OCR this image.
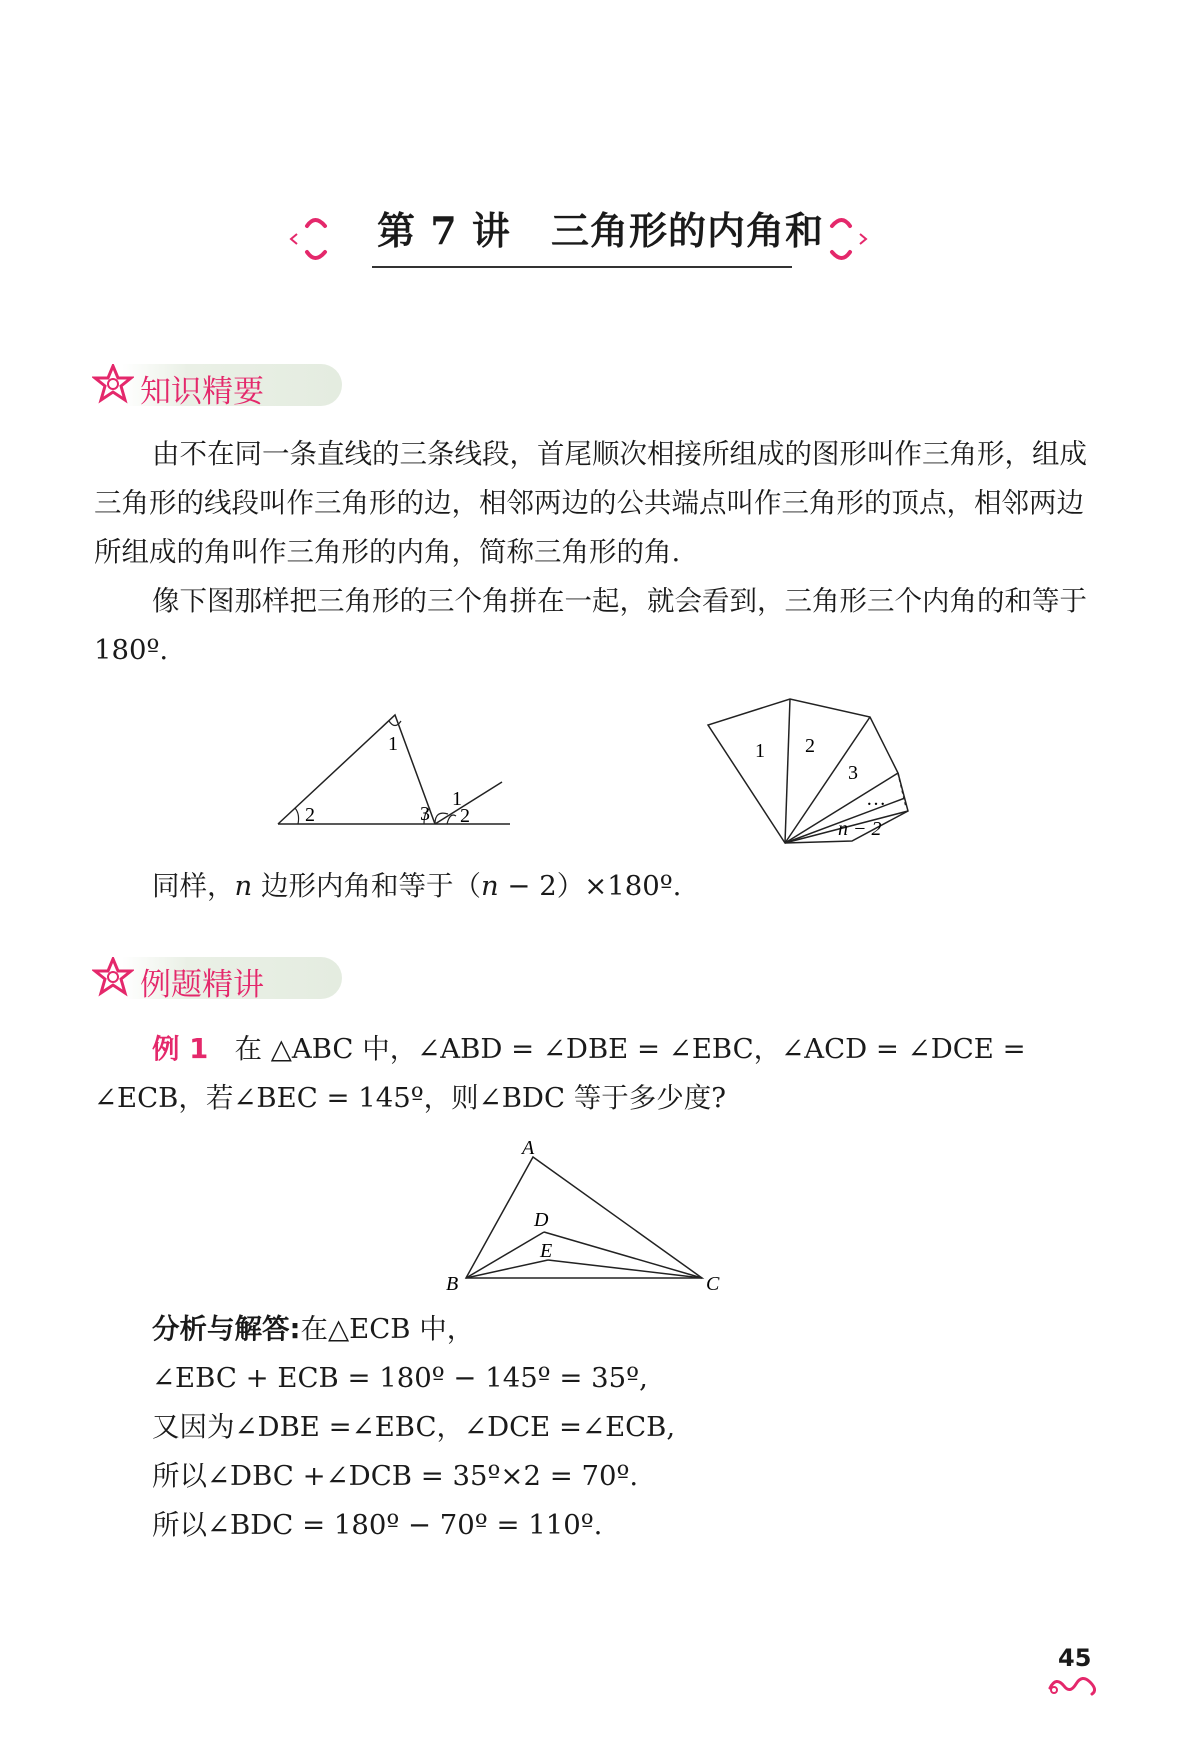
第 7 讲 三角形的内角和
知识精要

由不在同一条直线的三条线段，首尾顺次相接所组成的图形叫作三角形，组成三角形的线段叫作三角形的边，相邻两边的公共端点叫作三角形的顶点，相邻两边所组成的角叫作三角形的内角，简称三角形的角.

像下图那样把三角形的三个角拼在一起，就会看到，三角形三个内角的和等于 180º.

1
2	3
1
2
1 2
3
…
n − 2

同样，n 边形内角和等于（n − 2）×180º.

例题精讲

例 1 在 △ABC 中，∠ABD = ∠DBE = ∠EBC，∠ACD = ∠DCE =

∠ECB，若∠BEC = 145º，则∠BDC 等于多少度?

A
D
E
B	C

分析与解答:在△ECB 中，

∠EBC + ECB = 180º − 145º = 35º,

又因为∠DBE =∠EBC，∠DCE =∠ECB,

所以∠DBC +∠DCB = 35º×2 = 70º.

所以∠BDC = 180º − 70º = 110º.

45
